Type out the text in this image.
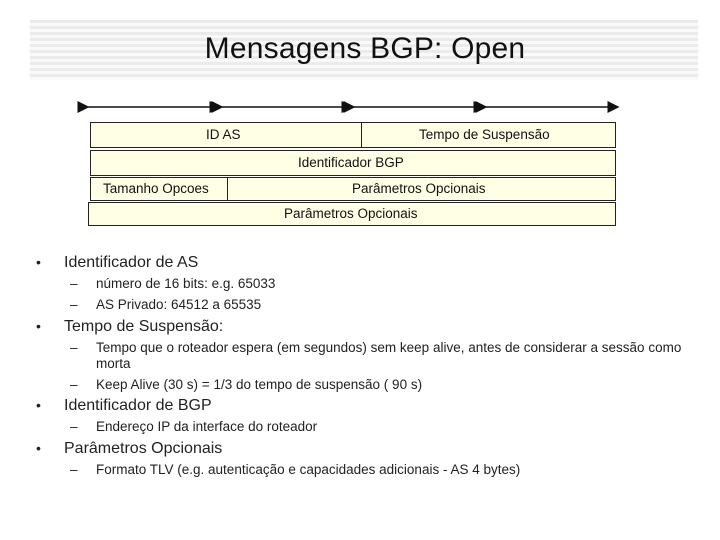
Mensagens BGP: Open
ID AS	Tempo de Suspensão
Identificador BGP
Tamanho Opcoes	Parâmetros Opcionais
Parâmetros Opcionais
• Identificador de AS
– número de 16 bits: e.g. 65033
– AS Privado: 64512 a 65535
• Tempo de Suspensão:
– Tempo que o roteador espera (em segundos) sem keep alive, antes de considerar a sessão como morta
– Keep Alive (30 s) = 1/3 do tempo de suspensão ( 90 s)
• Identificador de BGP
– Endereço IP da interface do roteador
• Parâmetros Opcionais
– Formato TLV (e.g. autenticação e capacidades adicionais - AS 4 bytes)
